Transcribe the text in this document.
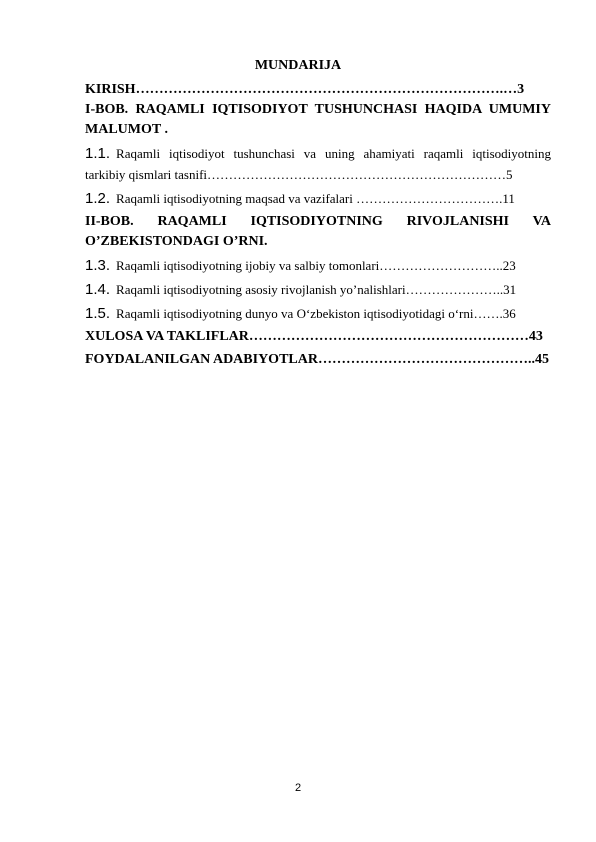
MUNDARIJA
KIRISH…………………………………………………………………….…3
I-BOB. RAQAMLI IQTISODIYOT TUSHUNCHASI HAQIDA UMUMIY
MALUMOT .
1.1. Raqamli iqtisodiyot tushunchasi va uning ahamiyati raqamli iqtisodiyotning
tarkibiy qismlari tasnifi……………………………………………………………5
1.2. Raqamli iqtisodiyotning maqsad va vazifalari …………………………….11
II-BOB. RAQAMLI IQTISODIYOTNING RIVOJLANISHI VA
O’ZBEKISTONDAGI O’RNI.
1.3. Raqamli iqtisodiyotning ijobiy va salbiy tomonlari………………………..23
1.4. Raqamli iqtisodiyotning asosiy rivojlanish yo’nalishlari…………………..31
1.5. Raqamli iqtisodiyotning dunyo va O‘zbekiston iqtisodiyotidagi o‘rni…….36
XULOSA VA TAKLIFLAR……………………………………………………43
FOYDALANILGAN ADABIYOTLAR………………………………………..45
2
